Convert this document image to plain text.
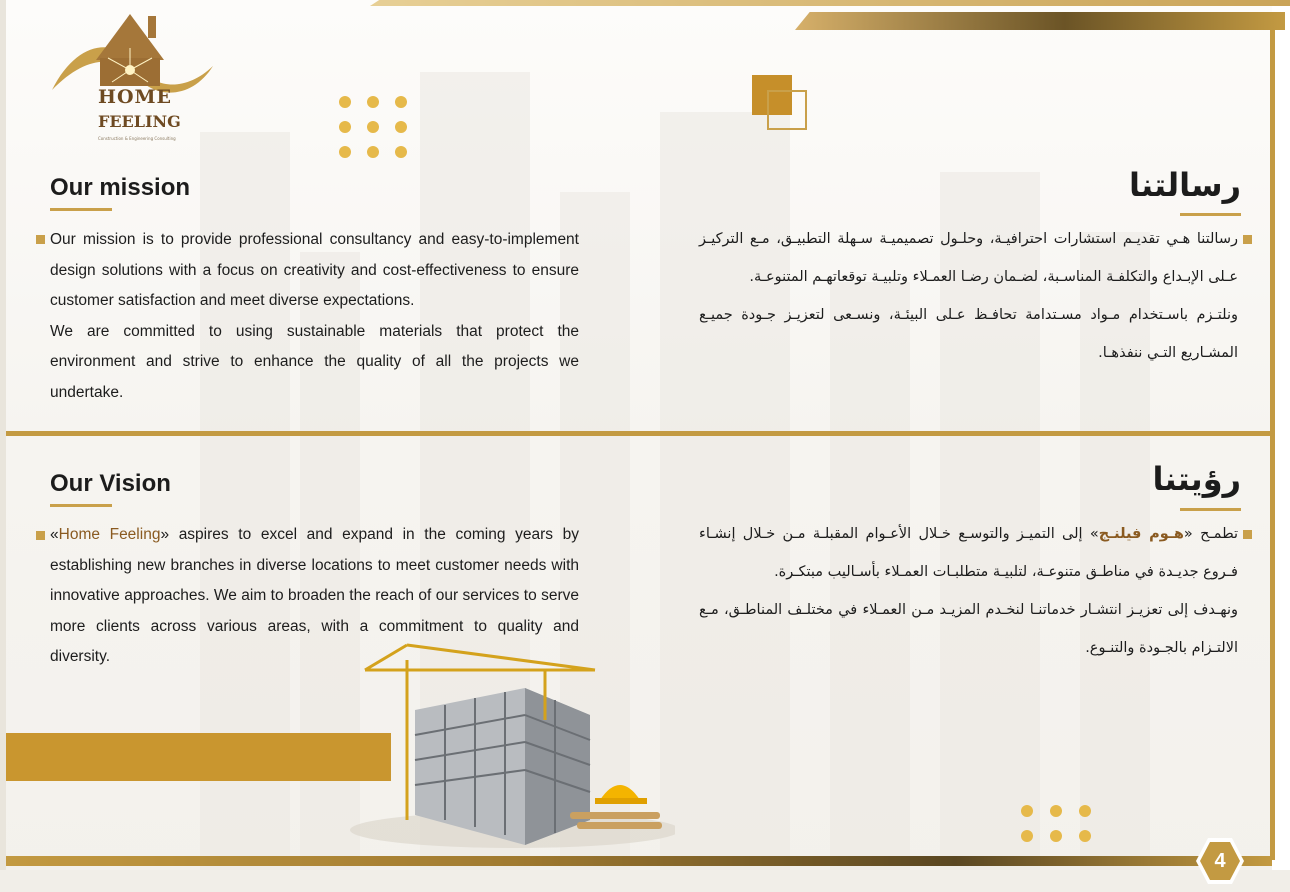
HOME
FEELING
Construction & Engineering Consulting
Our mission

Our mission is to provide professional consultancy and easy-to-implement design solutions with a focus on creativity and cost-effectiveness to ensure customer satisfaction and meet diverse expectations.

We are committed to using sustainable materials that protect the environment and strive to enhance the quality of all the projects we undertake.

رسالتنا

رسالتنا هـي تقديـم استشارات احترافيـة، وحلـول تصميميـة سـهلة التطبيـق، مـع التركيـز عـلى الإبـداع والتكلفـة المناسـبة، لضـمان رضـا العمـلاء وتلبيـة توقعاتهـم المتنوعـة.

ونلتـزم باسـتخدام مـواد مسـتدامة تحافـظ عـلى البيئـة، ونسـعى لتعزيـز جـودة جميـع المشـاريع التـي ننفذهـا.

Our Vision

«Home Feeling» aspires to excel and expand in the coming years by establishing new branches in diverse locations to meet customer needs with innovative approaches. We aim to broaden the reach of our services to serve more clients across various areas, with a commitment to quality and diversity.

رؤيتنا

تطمـح «هـوم فيلنـج» إلى التميـز والتوسـع خـلال الأعـوام المقبلـة مـن خـلال إنشـاء فـروع جديـدة في مناطـق متنوعـة، لتلبيـة متطلبـات العمـلاء بأسـاليب مبتكـرة.

ونهـدف إلى تعزيـز انتشـار خدماتنـا لنخـدم المزيـد مـن العمـلاء في مختلـف المناطـق، مـع الالتـزام بالجـودة والتنـوع.

4
